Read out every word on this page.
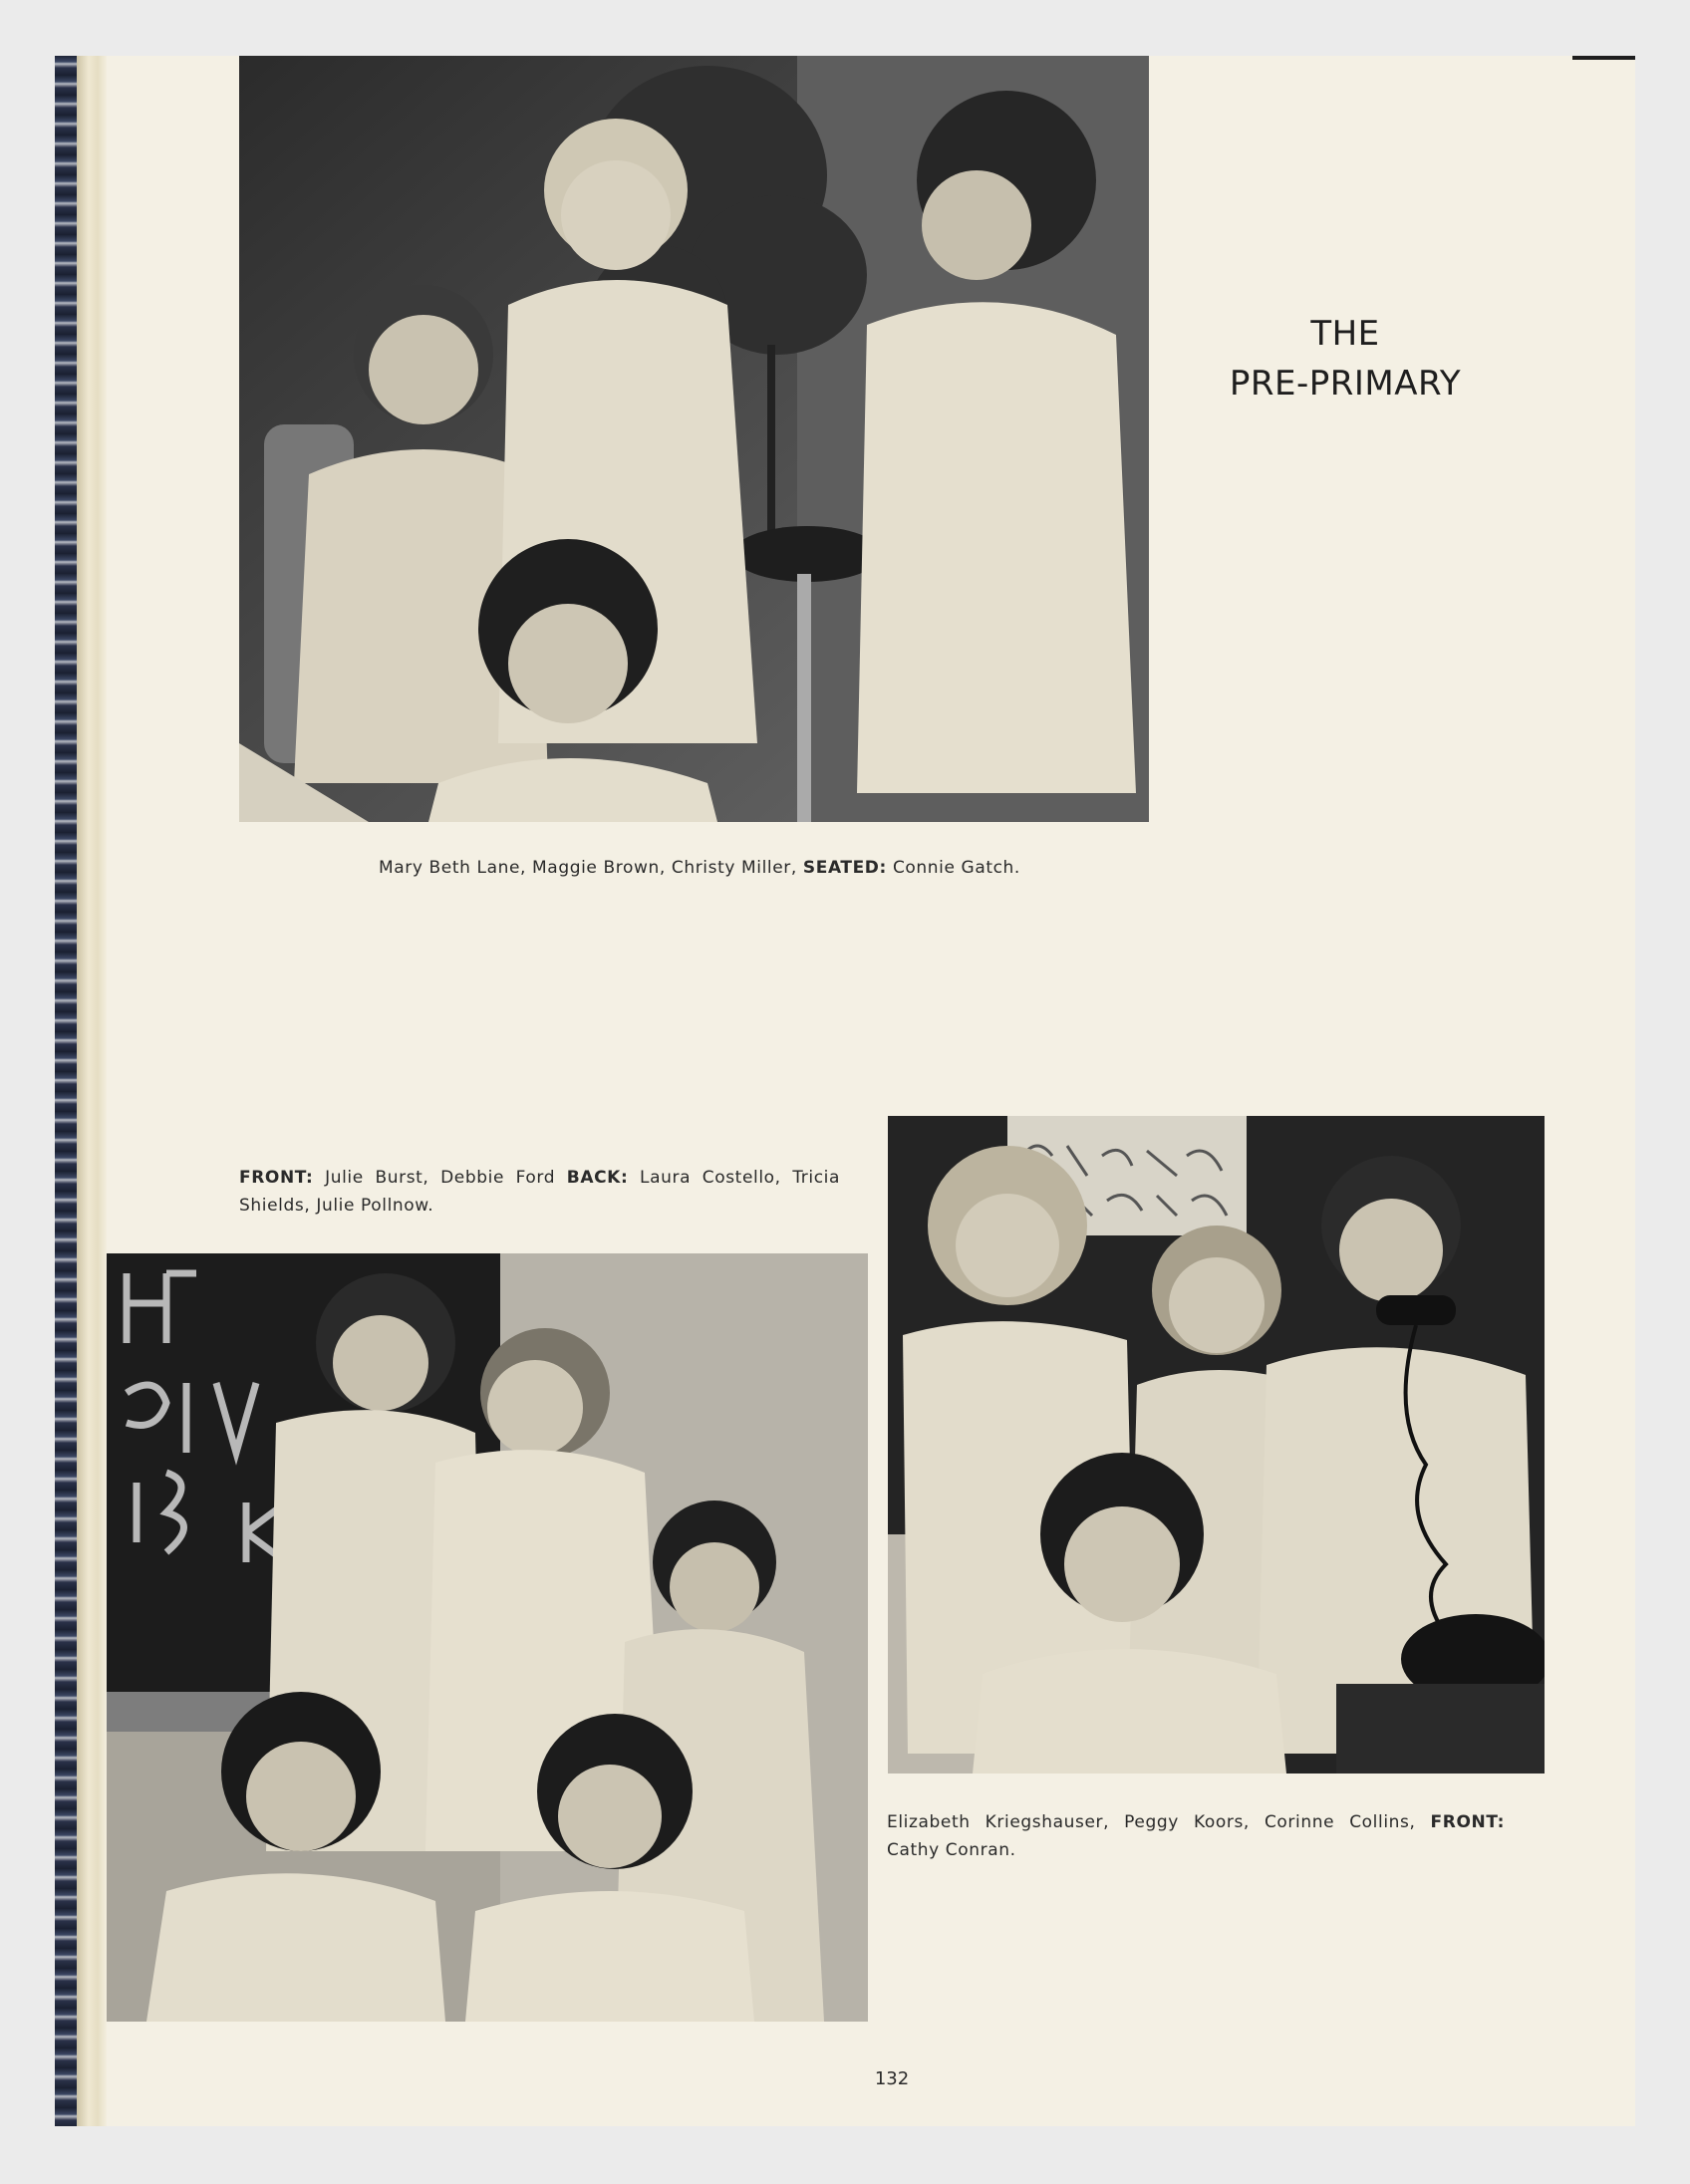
THE
PRE-PRIMARY
Mary Beth Lane, Maggie Brown, Christy Miller, SEATED: Connie Gatch.
FRONT: Julie Burst, Debbie Ford BACK: Laura Costello, Tricia Shields, Julie Pollnow.
Elizabeth Kriegshauser, Peggy Koors, Corinne Collins, FRONT: Cathy Conran.
132
